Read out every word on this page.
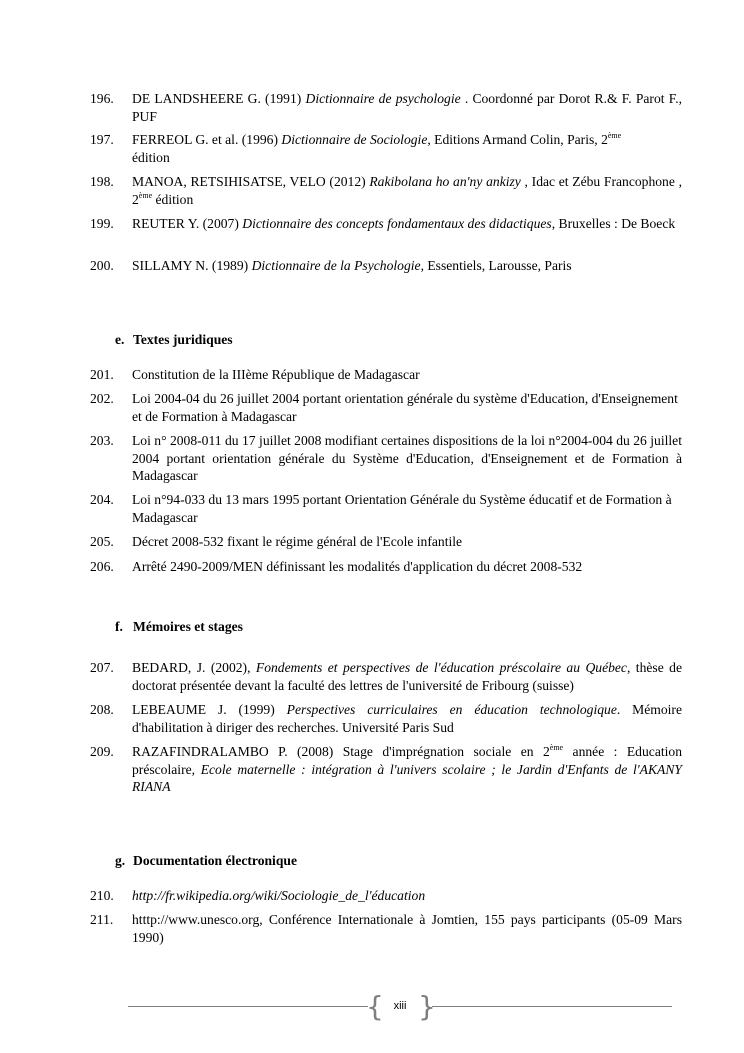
196.	DE LANDSHEERE G. (1991) Dictionnaire de psychologie . Coordonné par Dorot R.& F. Parot F., PUF
197.	FERREOL G. et al. (1996) Dictionnaire de Sociologie, Editions Armand Colin, Paris, 2ème
édition
198.	MANOA, RETSIHISATSE, VELO (2012) Rakibolana ho an'ny ankizy , Idac et Zébu Francophone , 2ème édition
199.	REUTER Y. (2007) Dictionnaire des concepts fondamentaux des didactiques, Bruxelles : De Boeck
200.	SILLAMY N. (1989) Dictionnaire de la Psychologie, Essentiels, Larousse, Paris
e. Textes juridiques
201.	Constitution de la IIIème République de Madagascar
202.	Loi 2004-04 du 26 juillet 2004 portant orientation générale du système d'Education, d'Enseignement et de Formation à Madagascar
203.	Loi n° 2008-011 du 17 juillet 2008 modifiant certaines dispositions de la loi n°2004-004 du 26 juillet 2004 portant orientation générale du Système d'Education, d'Enseignement et de Formation à Madagascar
204.	Loi n°94-033 du 13 mars 1995 portant Orientation Générale du Système éducatif et de Formation à Madagascar
205.	Décret 2008-532 fixant le régime général de l'Ecole infantile
206.	Arrêté 2490-2009/MEN définissant les modalités d'application du décret 2008-532
f. Mémoires et stages
207.	BEDARD, J. (2002), Fondements et perspectives de l'éducation préscolaire au Québec, thèse de doctorat présentée devant la faculté des lettres de l'université de Fribourg (suisse)
208.	LEBEAUME J. (1999) Perspectives curriculaires en éducation technologique. Mémoire d'habilitation à diriger des recherches. Université Paris Sud
209.	RAZAFINDRALAMBO P. (2008) Stage d'imprégnation sociale en 2ème année : Education préscolaire, Ecole maternelle : intégration à l'univers scolaire ; le Jardin d'Enfants de l'AKANY RIANA
g. Documentation électronique
210.	http://fr.wikipedia.org/wiki/Sociologie_de_l'éducation
211.	htttp://www.unesco.org, Conférence Internationale à Jomtien, 155 pays participants (05-09 Mars 1990)
{ }
xiii
